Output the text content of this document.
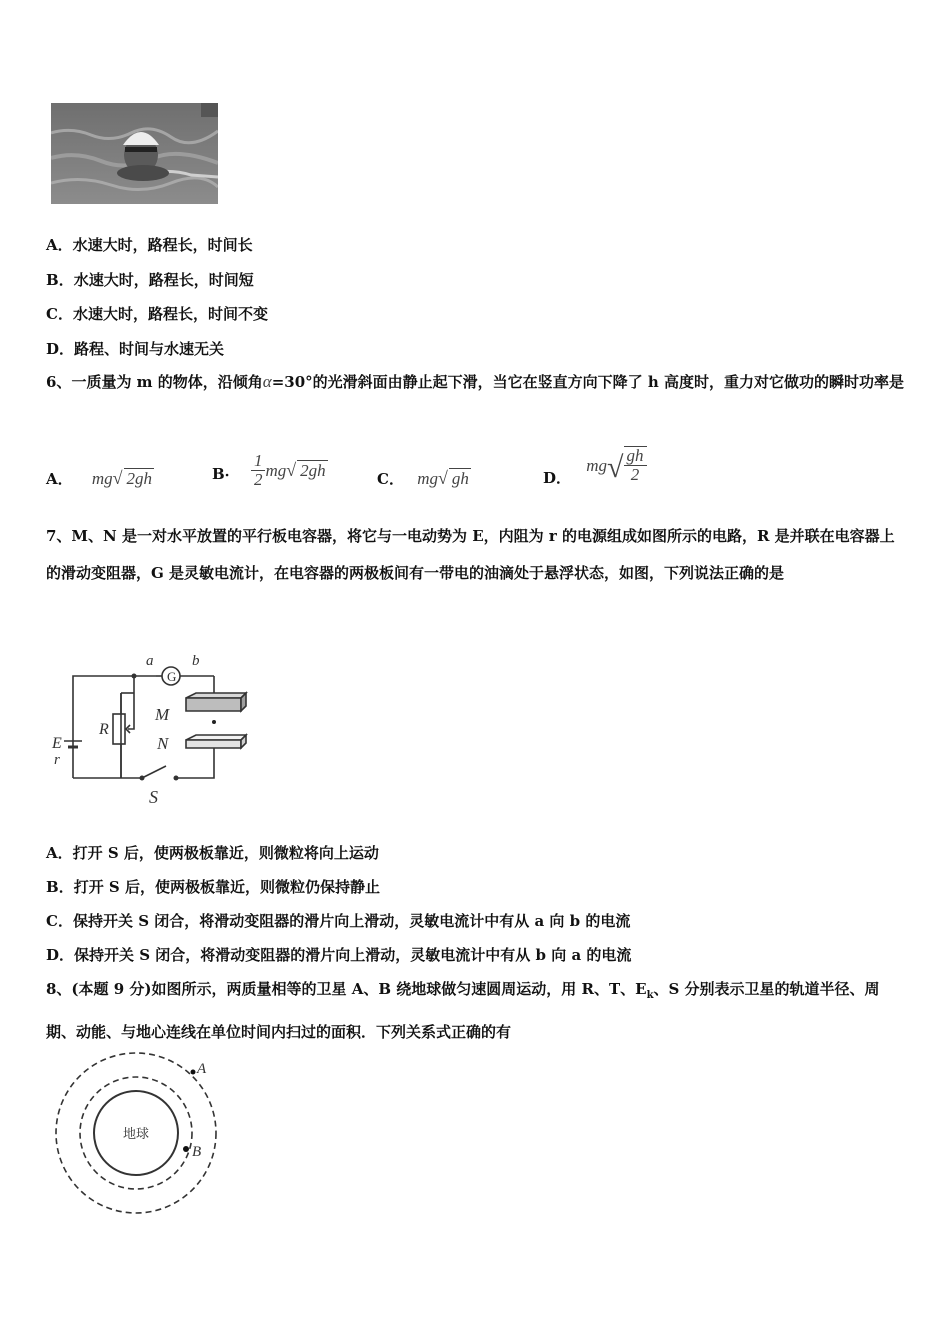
A．水速大时，路程长，时间长
B．水速大时，路程长，时间短
C．水速大时，路程长，时间不变
D．路程、时间与水速无关
6、一质量为 m 的物体，沿倾角α=30°的光滑斜面由静止起下滑，当它在竖直方向下降了 h 高度时，重力对它做功的瞬时功率是
A． mg√ 2gh	B． $\frac{1}{2} mg√$ 2gh	C． mg√ gh	D． $mg√ \frac{gh}{2}$
7、M、N 是一对水平放置的平行板电容器，将它与一电动势为 E，内阻为 r 的电源组成如图所示的电路，R 是并联在电容器上的滑动变阻器，G 是灵敏电流计，在电容器的两极板间有一带电的油滴处于悬浮状态，如图，下列说法正确的是
a
G
b
M
N
R
E
r
S
A．打开 S 后，使两极板靠近，则微粒将向上运动
B．打开 S 后，使两极板靠近，则微粒仍保持静止
C．保持开关 S 闭合，将滑动变阻器的滑片向上滑动，灵敏电流计中有从 a 向 b 的电流
D．保持开关 S 闭合，将滑动变阻器的滑片向上滑动，灵敏电流计中有从 b 向 a 的电流
8、(本题 9 分)如图所示，两质量相等的卫星 A、B 绕地球做匀速圆周运动，用 R、T、$E_k$、S 分别表示卫星的轨道半径、周期、动能、与地心连线在单位时间内扫过的面积．下列关系式正确的有
地球
A
B
